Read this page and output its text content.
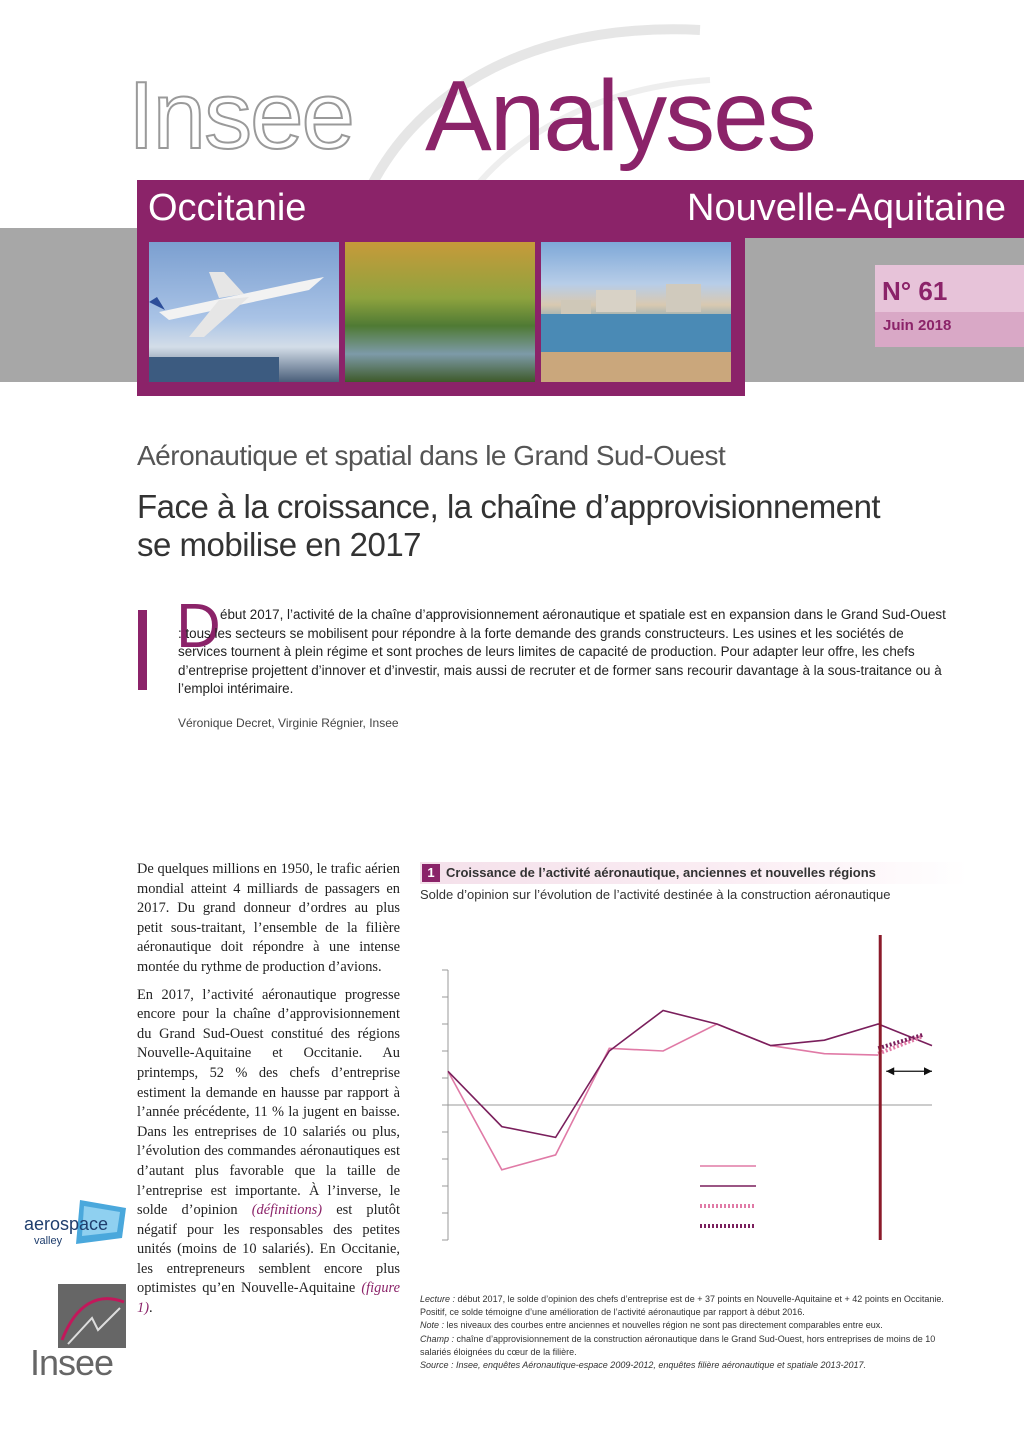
Insee Analyses
Occitanie	Nouvelle-Aquitaine
N° 61
Juin 2018
Aéronautique et spatial dans le Grand Sud-Ouest
Face à la croissance, la chaîne d’approvisionnement se mobilise en 2017
D ébut 2017, l’activité de la chaîne d’approvisionnement aéronautique et spatiale est en expansion dans le Grand Sud-Ouest : tous les secteurs se mobilisent pour répondre à la forte demande des grands constructeurs. Les usines et les sociétés de services tournent à plein régime et sont proches de leurs limites de capacité de production. Pour adapter leur offre, les chefs d’entreprise projettent d’innover et d’investir, mais aussi de recruter et de former sans recourir davantage à la sous-traitance ou à l’emploi intérimaire.
Véronique Decret, Virginie Régnier, Insee

De quelques millions en 1950, le trafic aérien mondial atteint 4 milliards de passagers en 2017. Du grand donneur d’ordres au plus petit sous-traitant, l’ensemble de la filière aéronautique doit répondre à une intense montée du rythme de production d’avions.

En 2017, l’activité aéronautique progresse encore pour la chaîne d’approvisionnement du Grand Sud-Ouest constitué des régions Nouvelle-Aquitaine et Occitanie. Au printemps, 52 % des chefs d’entreprise estiment la demande en hausse par rapport à l’année précédente, 11 % la jugent en baisse. Dans les entreprises de 10 salariés ou plus, l’évolution des commandes aéronautiques est d’autant plus favorable que la taille de l’entreprise est importante. À l’inverse, le solde d’opinion (définitions) est plutôt négatif pour les responsables des petites unités (moins de 10 salariés). En Occitanie, les entrepreneurs semblent encore plus optimistes qu’en Nouvelle-Aquitaine (figure 1).

1 Croissance de l’activité aéronautique, anciennes et nouvelles régions
Solde d’opinion sur l’évolution de l’activité destinée à la construction aéronautique
Lecture : début 2017, le solde d’opinion des chefs d’entreprise est de + 37 points en Nouvelle-Aquitaine et + 42 points en Occitanie. Positif, ce solde témoigne d’une amélioration de l’activité aéronautique par rapport à début 2016.
Note : les niveaux des courbes entre anciennes et nouvelles région ne sont pas directement comparables entre eux.
Champ : chaîne d’approvisionnement de la construction aéronautique dans le Grand Sud-Ouest, hors entreprises de moins de 10 salariés éloignées du cœur de la filière.
Source : Insee, enquêtes Aéronautique-espace 2009-2012, enquêtes filière aéronautique et spatiale 2013-2017.
aerospace
valley
Insee
